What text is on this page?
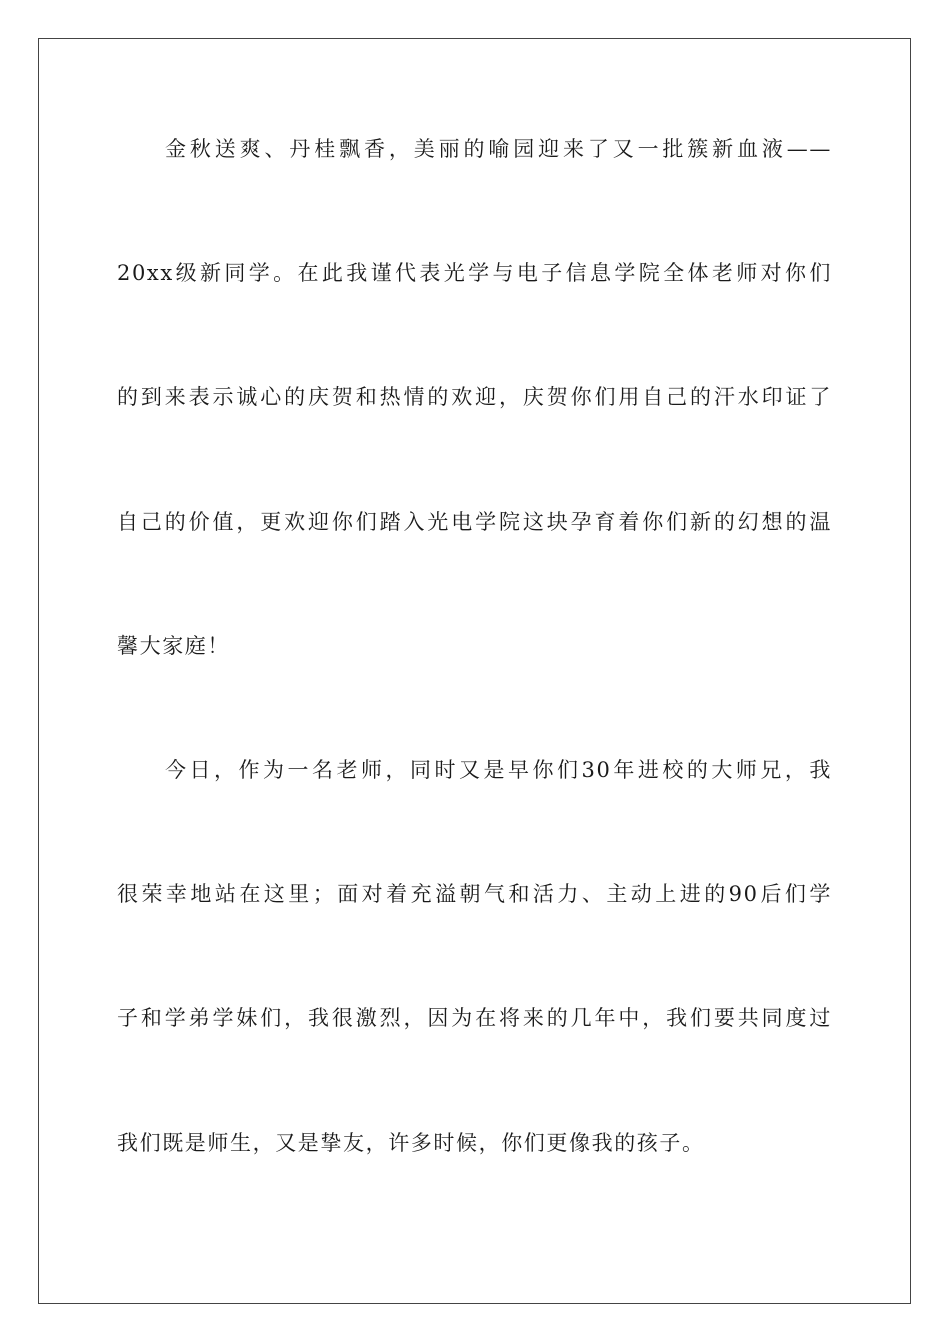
金秋送爽、丹桂飘香，美丽的喻园迎来了又一批簇新血液——
20xx级新同学。在此我谨代表光学与电子信息学院全体老师对你们
的到来表示诚心的庆贺和热情的欢迎，庆贺你们用自己的汗水印证了
自己的价值，更欢迎你们踏入光电学院这块孕育着你们新的幻想的温
馨大家庭！
今日，作为一名老师，同时又是早你们30年进校的大师兄，我
很荣幸地站在这里；面对着充溢朝气和活力、主动上进的90后们学
子和学弟学妹们，我很激烈，因为在将来的几年中，我们要共同度过
我们既是师生，又是挚友，许多时候，你们更像我的孩子。
